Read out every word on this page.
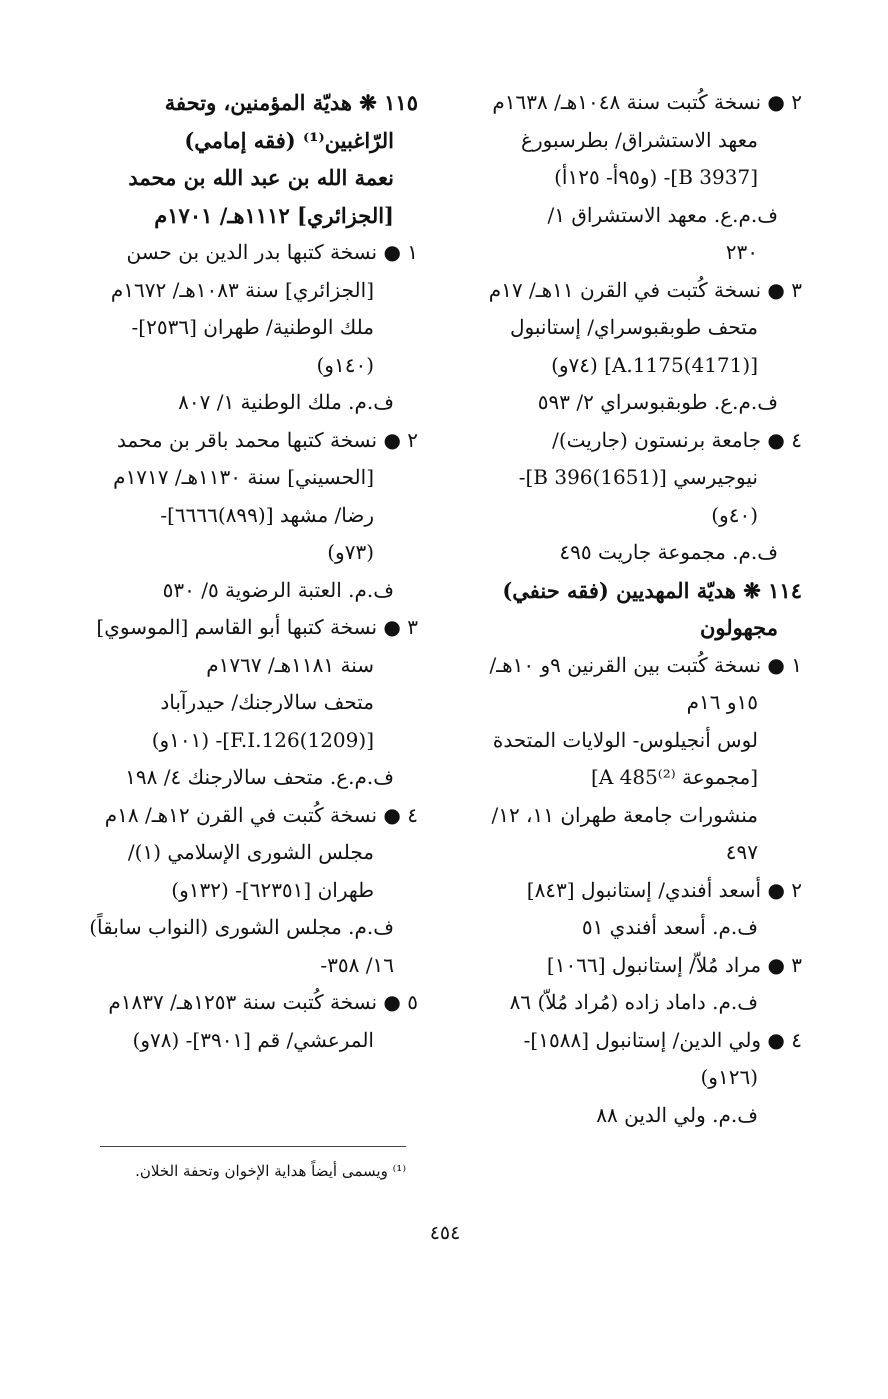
٢ ● نسخة كُتبت سنة ١٠٤٨هـ/ ١٦٣٨م
معهد الاستشراق/ بطرسبورغ
[B 3937]- (و٩٥أ- ١٢٥أ)
ف.م.ع. معهد الاستشراق ١/
٢٣٠
٣ ● نسخة كُتبت في القرن ١١هـ/ ١٧م
متحف طوبقبوسراي/ إستانبول
[A.1175(4171)] (٧٤و)
ف.م.ع. طوبقبوسراي ٢/ ٥٩٣
٤ ● جامعة برنستون (جاريت)/
نيوجيرسي [B 396(1651)]-
(٤٠و)
ف.م. مجموعة جاريت ٤٩٥
١١٤ ❋ هديّة المهديين (فقه حنفي)
مجهولون
١ ● نسخة كُتبت بين القرنين ٩و ١٠هـ/
١٥و ١٦م
لوس أنجيلوس- الولايات المتحدة
[مجموعة A 485⁽²⁾]
منشورات جامعة طهران ١١، ١٢/
٤٩٧
٢ ● أسعد أفندي/ إستانبول [٨٤٣]
ف.م. أسعد أفندي ٥١
٣ ● مراد مُلاّ/ إستانبول [١٠٦٦]
ف.م. داماد زاده (مُراد مُلاّ) ٨٦
٤ ● ولي الدين/ إستانبول [١٥٨٨]-
(١٢٦و)
ف.م. ولي الدين ٨٨
١١٥ ❋ هديّة المؤمنين، وتحفة
الرّاغبين⁽¹⁾ (فقه إمامي)
نعمة الله بن عبد الله بن محمد
[الجزائري] ١١١٢هـ/ ١٧٠١م
١ ● نسخة كتبها بدر الدين بن حسن
[الجزائري] سنة ١٠٨٣هـ/ ١٦٧٢م
ملك الوطنية/ طهران [٢٥٣٦]-
(١٤٠و)
ف.م. ملك الوطنية ١/ ٨٠٧
٢ ● نسخة كتبها محمد باقر بن محمد
[الحسيني] سنة ١١٣٠هـ/ ١٧١٧م
رضا/ مشهد [(٨٩٩)٦٦٦٦]-
(٧٣و)
ف.م. العتبة الرضوية ٥/ ٥٣٠
٣ ● نسخة كتبها أبو القاسم [الموسوي]
سنة ١١٨١هـ/ ١٧٦٧م
متحف سالارجنك/ حيدرآباد
[F.I.126(1209)]- (١٠١و)
ف.م.ع. متحف سالارجنك ٤/ ١٩٨
٤ ● نسخة كُتبت في القرن ١٢هـ/ ١٨م
مجلس الشورى الإسلامي (١)/
طهران [٦٢٣٥١]- (١٣٢و)
ف.م. مجلس الشورى (النواب سابقاً)
١٦/ ٣٥٨-
٥ ● نسخة كُتبت سنة ١٢٥٣هـ/ ١٨٣٧م
المرعشي/ قم [٣٩٠١]- (٧٨و)
⁽¹⁾ ويسمى أيضاً هداية الإخوان وتحفة الخلان.
٤٥٤
